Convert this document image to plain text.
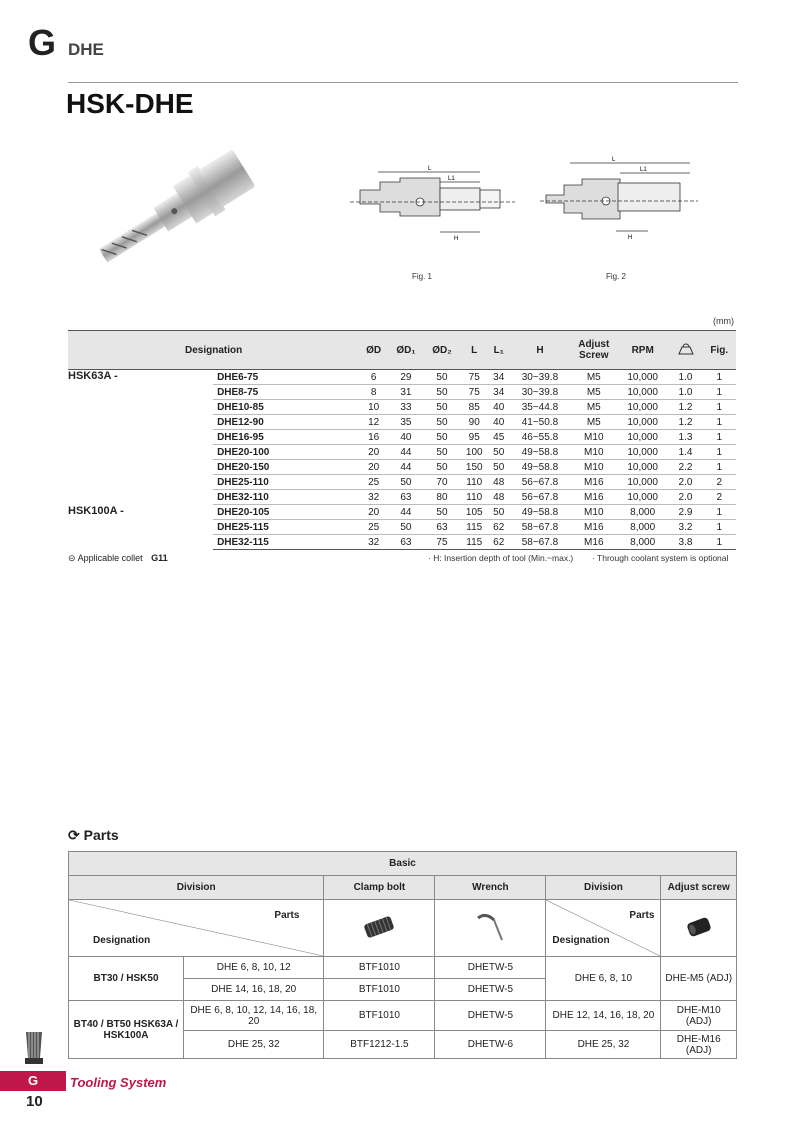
G DHE
HSK-DHE
L
L1
H
Fig. 1
L
L1
H
Fig. 2
(mm)
Designation		ØD	ØD₁	ØD₂	L	L₁	H	Adjust Screw	RPM		Fig.
HSK63A -	DHE6-75	6	29	50	75	34	30~39.8	M5	10,000	1.0	1
	DHE8-75	8	31	50	75	34	30~39.8	M5	10,000	1.0	1
	DHE10-85	10	33	50	85	40	35~44.8	M5	10,000	1.2	1
	DHE12-90	12	35	50	90	40	41~50.8	M5	10,000	1.2	1
	DHE16-95	16	40	50	95	45	46~55.8	M10	10,000	1.3	1
	DHE20-100	20	44	50	100	50	49~58.8	M10	10,000	1.4	1
	DHE20-150	20	44	50	150	50	49~58.8	M10	10,000	2.2	1
	DHE25-110	25	50	70	110	48	56~67.8	M16	10,000	2.0	2
	DHE32-110	32	63	80	110	48	56~67.8	M16	10,000	2.0	2
HSK100A -	DHE20-105	20	44	50	105	50	49~58.8	M10	8,000	2.9	1
	DHE25-115	25	50	63	115	62	58~67.8	M16	8,000	3.2	1
	DHE32-115	32	63	75	115	62	58~67.8	M16	8,000	3.8	1
⊝ Applicable collet G11	· H: Insertion depth of tool (Min.~max.) · Through coolant system is optional
⟳ Parts
Basic					
Division		Clamp bolt	Wrench	Division	Adjust screw

Parts
Designation				Parts
Designation

BT30 / HSK50	DHE 6, 8, 10, 12	BTF1010	DHETW-5	DHE 6, 8, 10	DHE-M5 (ADJ)
	DHE 14, 16, 18, 20	BTF1010	DHETW-5		
BT40 / BT50 HSK63A / HSK100A	DHE 6, 8, 10, 12, 14, 16, 18, 20	BTF1010	DHETW-5	DHE 12, 14, 16, 18, 20	DHE-M10 (ADJ)
	DHE 25, 32	BTF1212-1.5	DHETW-6	DHE 25, 32	DHE-M16 (ADJ)
G	Tooling System
10
